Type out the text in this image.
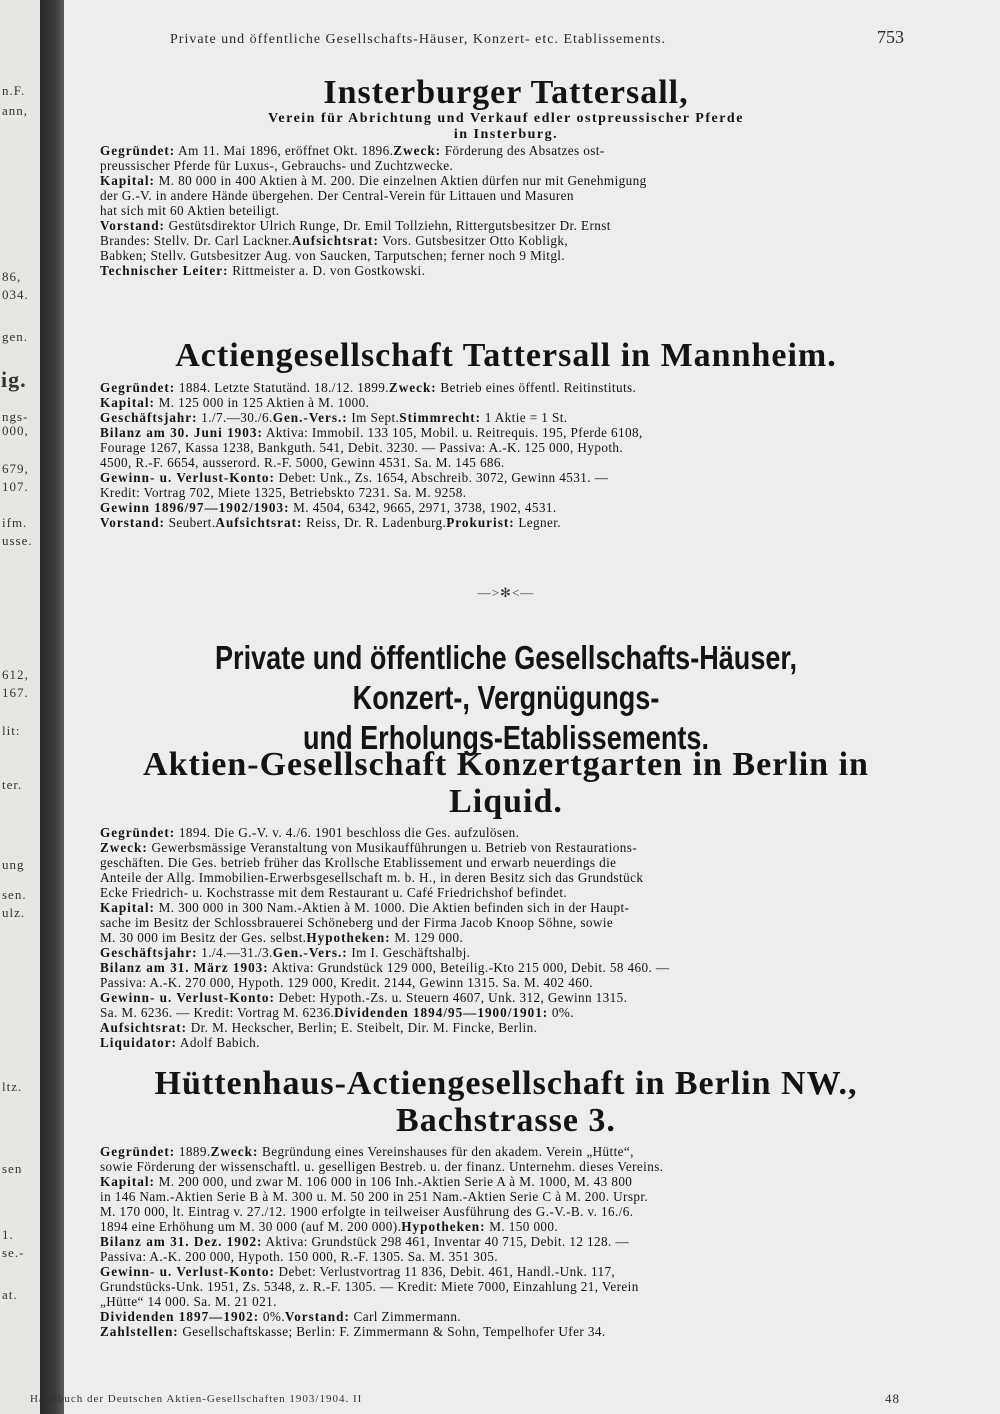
n.F.
ann,
86,
034.
gen.
ig.
ngs-
000,
679,
107.
ifm.
usse.
612,
167.
lit:
ter.
ung
sen.
ulz.
ltz.
sen
1.
se.-
at.
Private und öffentliche Gesellschafts-Häuser, Konzert- etc. Etablissements.	753
Insterburger Tattersall,

Verein für Abrichtung und Verkauf edler ostpreussischer Pferde

in Insterburg.

Gegründet: Am 11. Mai 1896, eröffnet Okt. 1896.Zweck: Förderung des Absatzes ost-

preussischer Pferde für Luxus-, Gebrauchs- und Zuchtzwecke.

Kapital: M. 80 000 in 400 Aktien à M. 200. Die einzelnen Aktien dürfen nur mit Genehmigung

der G.-V. in andere Hände übergehen. Der Central-Verein für Littauen und Masuren

hat sich mit 60 Aktien beteiligt.

Vorstand: Gestütsdirektor Ulrich Runge, Dr. Emil Tollziehn, Rittergutsbesitzer Dr. Ernst

Brandes: Stellv. Dr. Carl Lackner.Aufsichtsrat: Vors. Gutsbesitzer Otto Kobligk,

Babken; Stellv. Gutsbesitzer Aug. von Saucken, Tarputschen; ferner noch 9 Mitgl.

Technischer Leiter: Rittmeister a. D. von Gostkowski.

Actiengesellschaft Tattersall in Mannheim.

Gegründet: 1884. Letzte Statutänd. 18./12. 1899.Zweck: Betrieb eines öffentl. Reitinstituts.

Kapital: M. 125 000 in 125 Aktien à M. 1000.

Geschäftsjahr: 1./7.—30./6.Gen.-Vers.: Im Sept.Stimmrecht: 1 Aktie = 1 St.

Bilanz am 30. Juni 1903: Aktiva: Immobil. 133 105, Mobil. u. Reitrequis. 195, Pferde 6108,

Fourage 1267, Kassa 1238, Bankguth. 541, Debit. 3230. — Passiva: A.-K. 125 000, Hypoth.

4500, R.-F. 6654, ausserord. R.-F. 5000, Gewinn 4531. Sa. M. 145 686.

Gewinn- u. Verlust-Konto: Debet: Unk., Zs. 1654, Abschreib. 3072, Gewinn 4531. —

Kredit: Vortrag 702, Miete 1325, Betriebskto 7231. Sa. M. 9258.

Gewinn 1896/97—1902/1903: M. 4504, 6342, 9665, 2971, 3738, 1902, 4531.

Vorstand: Seubert.Aufsichtsrat: Reiss, Dr. R. Ladenburg.Prokurist: Legner.

—>✻<—
Private und öffentliche Gesellschafts-Häuser, Konzert-, Vergnügungs-
und Erholungs-Etablissements.
Aktien-Gesellschaft Konzertgarten in Berlin in Liquid.

Gegründet: 1894. Die G.-V. v. 4./6. 1901 beschloss die Ges. aufzulösen.

Zweck: Gewerbsmässige Veranstaltung von Musikaufführungen u. Betrieb von Restaurations-

geschäften. Die Ges. betrieb früher das Krollsche Etablissement und erwarb neuerdings die

Anteile der Allg. Immobilien-Erwerbsgesellschaft m. b. H., in deren Besitz sich das Grundstück

Ecke Friedrich- u. Kochstrasse mit dem Restaurant u. Café Friedrichshof befindet.

Kapital: M. 300 000 in 300 Nam.-Aktien à M. 1000. Die Aktien befinden sich in der Haupt-

sache im Besitz der Schlossbrauerei Schöneberg und der Firma Jacob Knoop Söhne, sowie

M. 30 000 im Besitz der Ges. selbst.Hypotheken: M. 129 000.

Geschäftsjahr: 1./4.—31./3.Gen.-Vers.: Im I. Geschäftshalbj.

Bilanz am 31. März 1903: Aktiva: Grundstück 129 000, Beteilig.-Kto 215 000, Debit. 58 460. —

Passiva: A.-K. 270 000, Hypoth. 129 000, Kredit. 2144, Gewinn 1315. Sa. M. 402 460.

Gewinn- u. Verlust-Konto: Debet: Hypoth.-Zs. u. Steuern 4607, Unk. 312, Gewinn 1315.

Sa. M. 6236. — Kredit: Vortrag M. 6236.Dividenden 1894/95—1900/1901: 0%.

Aufsichtsrat: Dr. M. Heckscher, Berlin; E. Steibelt, Dir. M. Fincke, Berlin.

Liquidator: Adolf Babich.

Hüttenhaus-Actiengesellschaft in Berlin NW., Bachstrasse 3.

Gegründet: 1889.Zweck: Begründung eines Vereinshauses für den akadem. Verein „Hütte“,

sowie Förderung der wissenschaftl. u. geselligen Bestreb. u. der finanz. Unternehm. dieses Vereins.

Kapital: M. 200 000, und zwar M. 106 000 in 106 Inh.-Aktien Serie A à M. 1000, M. 43 800

in 146 Nam.-Aktien Serie B à M. 300 u. M. 50 200 in 251 Nam.-Aktien Serie C à M. 200. Urspr.

M. 170 000, lt. Eintrag v. 27./12. 1900 erfolgte in teilweiser Ausführung des G.-V.-B. v. 16./6.

1894 eine Erhöhung um M. 30 000 (auf M. 200 000).Hypotheken: M. 150 000.

Bilanz am 31. Dez. 1902: Aktiva: Grundstück 298 461, Inventar 40 715, Debit. 12 128. —

Passiva: A.-K. 200 000, Hypoth. 150 000, R.-F. 1305. Sa. M. 351 305.

Gewinn- u. Verlust-Konto: Debet: Verlustvortrag 11 836, Debit. 461, Handl.-Unk. 117,

Grundstücks-Unk. 1951, Zs. 5348, z. R.-F. 1305. — Kredit: Miete 7000, Einzahlung 21, Verein

„Hütte“ 14 000. Sa. M. 21 021.

Dividenden 1897—1902: 0%.Vorstand: Carl Zimmermann.

Zahlstellen: Gesellschaftskasse; Berlin: F. Zimmermann & Sohn, Tempelhofer Ufer 34.

Handbuch der Deutschen Aktien-Gesellschaften 1903/1904. II	48
